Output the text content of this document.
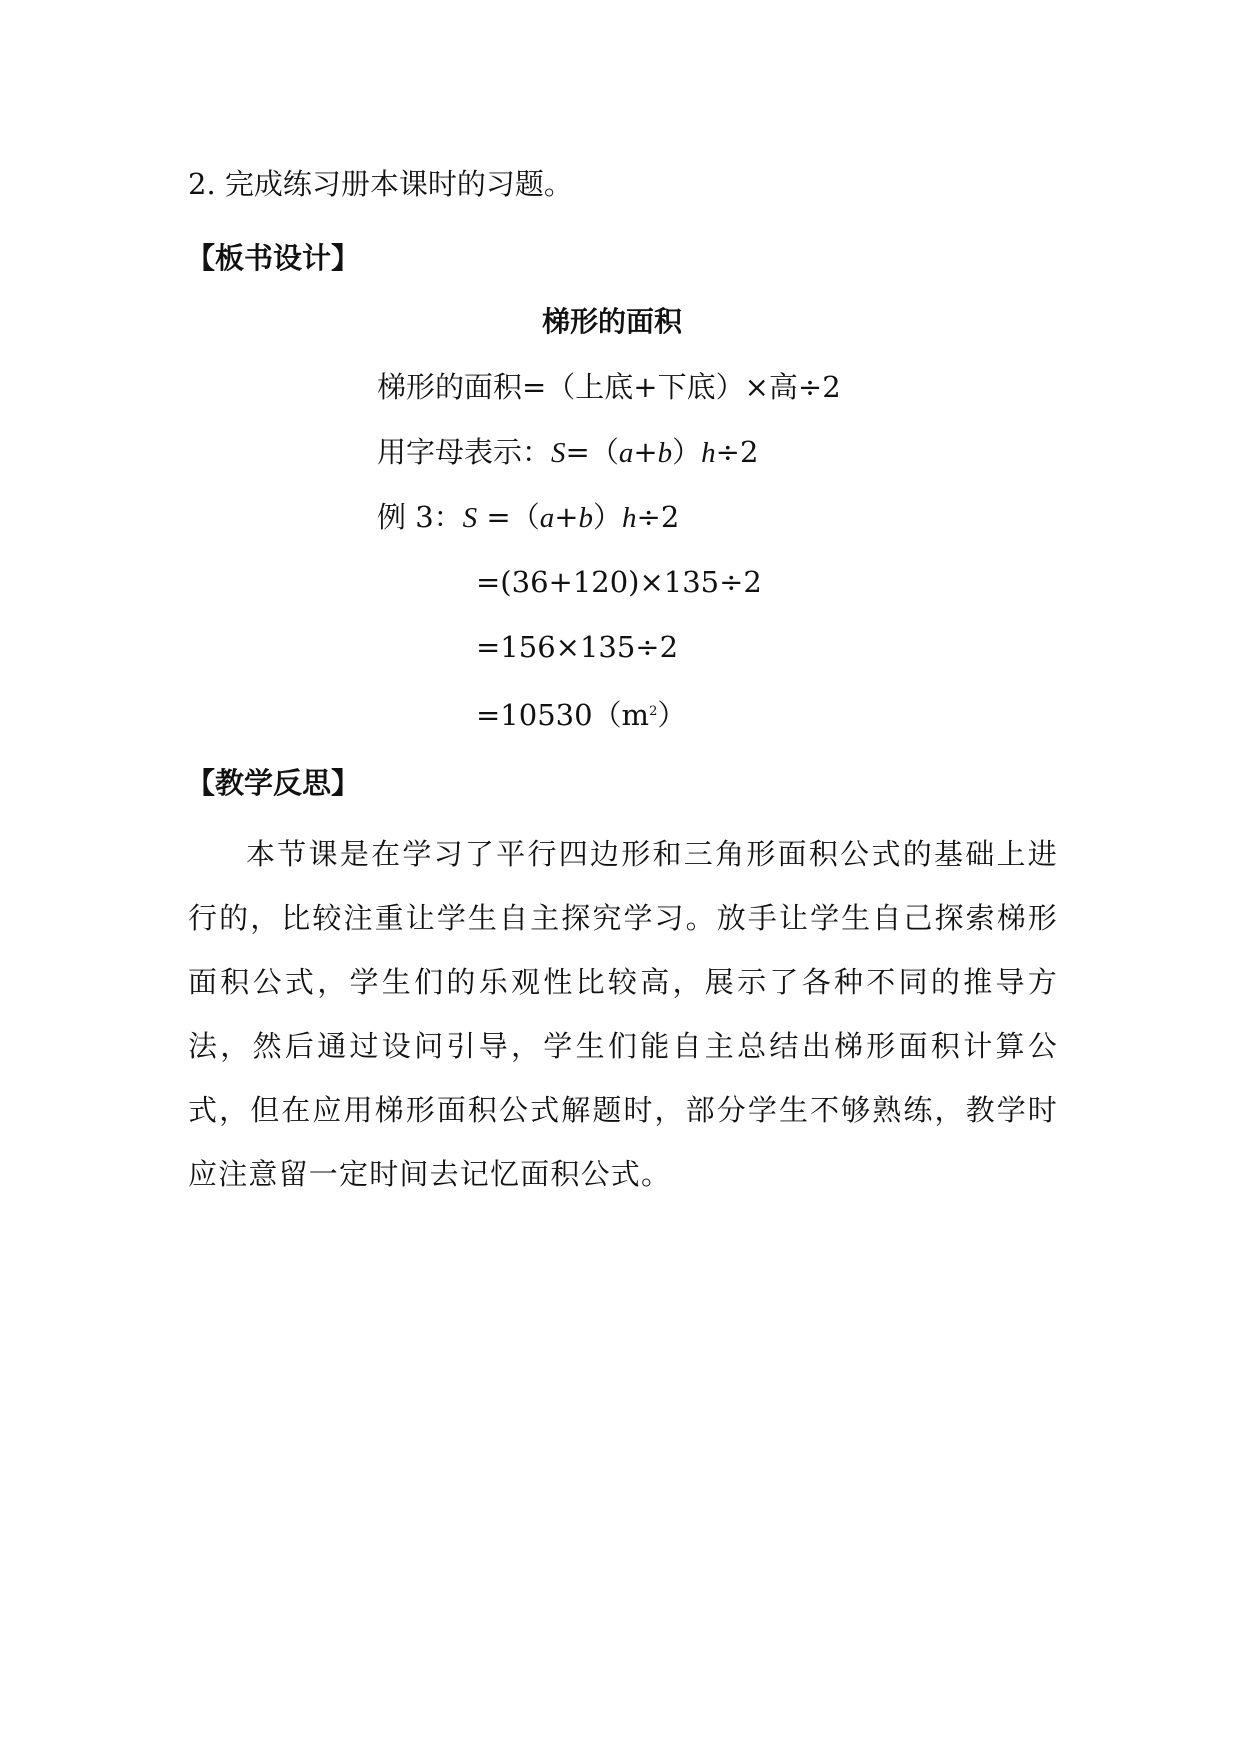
2. 完成练习册本课时的习题。
【板书设计】
梯形的面积
梯形的面积=（上底+下底）×高÷2
用字母表示：S=（a+b）h÷2
例 3：S =（a+b）h÷2
=(36+120)×135÷2
=156×135÷2
$=10530(m^2)$
【教学反思】
本节课是在学习了平行四边形和三角形面积公式的基础上进行的，比较注重让学生自主探究学习。放手让学生自己探索梯形面积公式，学生们的乐观性比较高，展示了各种不同的推导方法，然后通过设问引导，学生们能自主总结出梯形面积计算公式，但在应用梯形面积公式解题时，部分学生不够熟练，教学时应注意留一定时间去记忆面积公式。
